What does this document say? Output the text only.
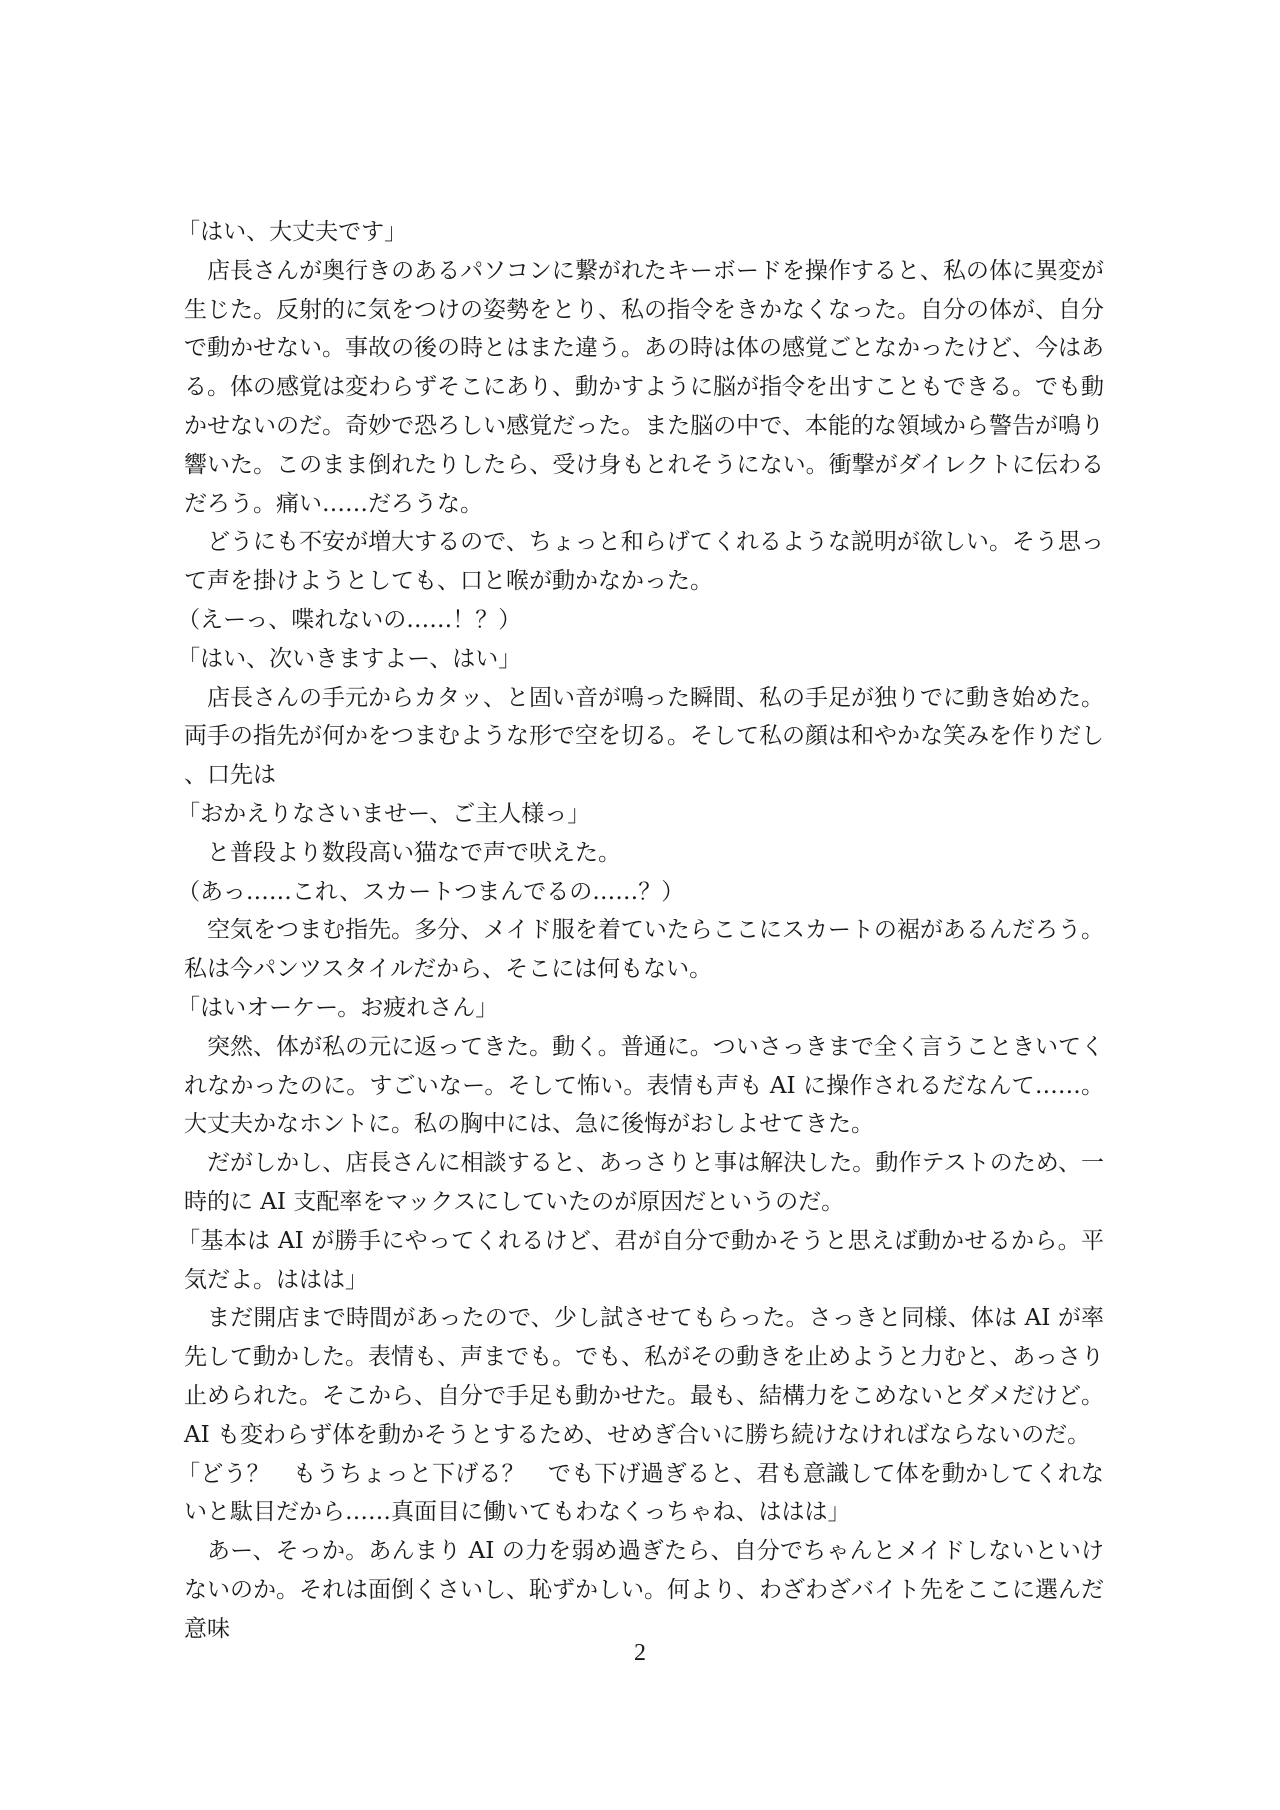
「はい、大丈夫です」

店長さんが奥行きのあるパソコンに繋がれたキーボードを操作すると、私の体に異変が生じた。反射的に気をつけの姿勢をとり、私の指令をきかなくなった。自分の体が、自分で動かせない。事故の後の時とはまた違う。あの時は体の感覚ごとなかったけど、今はある。体の感覚は変わらずそこにあり、動かすように脳が指令を出すこともできる。でも動かせないのだ。奇妙で恐ろしい感覚だった。また脳の中で、本能的な領域から警告が鳴り響いた。このまま倒れたりしたら、受け身もとれそうにない。衝撃がダイレクトに伝わるだろう。痛い……だろうな。

どうにも不安が増大するので、ちょっと和らげてくれるような説明が欲しい。そう思って声を掛けようとしても、口と喉が動かなかった。

（えーっ、喋れないの……！？）

「はい、次いきますよー、はい」

店長さんの手元からカタッ、と固い音が鳴った瞬間、私の手足が独りでに動き始めた。両手の指先が何かをつまむような形で空を切る。そして私の顔は和やかな笑みを作りだし、口先は

「おかえりなさいませー、ご主人様っ」

と普段より数段高い猫なで声で吠えた。

（あっ……これ、スカートつまんでるの……？）

空気をつまむ指先。多分、メイド服を着ていたらここにスカートの裾があるんだろう。私は今パンツスタイルだから、そこには何もない。

「はいオーケー。お疲れさん」

突然、体が私の元に返ってきた。動く。普通に。ついさっきまで全く言うこときいてくれなかったのに。すごいなー。そして怖い。表情も声も AI に操作されるだなんて……。大丈夫かなホントに。私の胸中には、急に後悔がおしよせてきた。

だがしかし、店長さんに相談すると、あっさりと事は解決した。動作テストのため、一時的に AI 支配率をマックスにしていたのが原因だというのだ。

「基本は AI が勝手にやってくれるけど、君が自分で動かそうと思えば動かせるから。平気だよ。ははは」

まだ開店まで時間があったので、少し試させてもらった。さっきと同様、体は AI が率先して動かした。表情も、声までも。でも、私がその動きを止めようと力むと、あっさり止められた。そこから、自分で手足も動かせた。最も、結構力をこめないとダメだけど。AI も変わらず体を動かそうとするため、せめぎ合いに勝ち続けなければならないのだ。

「どう？　もうちょっと下げる？　でも下げ過ぎると、君も意識して体を動かしてくれないと駄目だから……真面目に働いてもわなくっちゃね、ははは」

あー、そっか。あんまり AI の力を弱め過ぎたら、自分でちゃんとメイドしないといけないのか。それは面倒くさいし、恥ずかしい。何より、わざわざバイト先をここに選んだ意味

2
